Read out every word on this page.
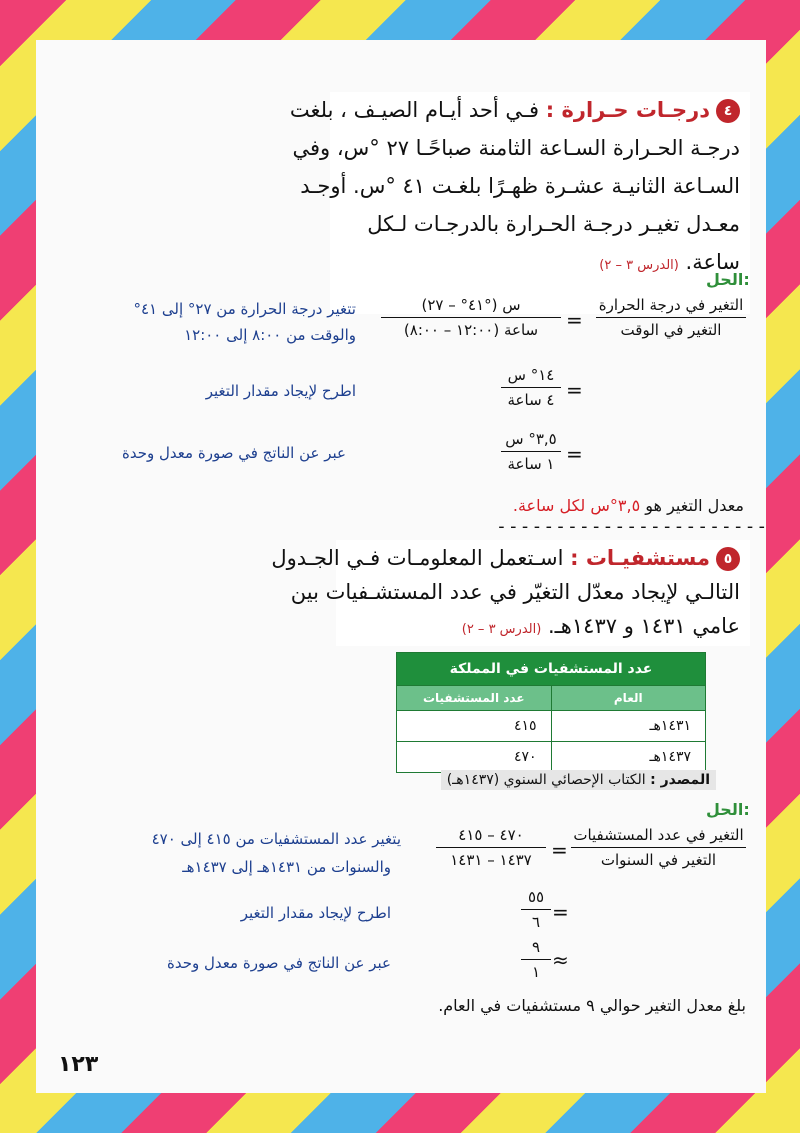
٤درجـات حـرارة : فـي أحد أيـام الصيـف ، بلغت
درجـة الحـرارة السـاعة الثامنة صباحًـا ٢٧ °س، وفي
السـاعة الثانيـة عشـرة ظهـرًا بلغـت ٤١ °س. أوجـد
معـدل تغيـر درجـة الحـرارة بالدرجـات لـكل
ساعة. (الدرس ٣ – ٢)
الحل:
التغير في درجة الحرارة
التغير في الوقت
=
(٤١° – ٢٧°) س
(١٢:٠٠ – ٨:٠٠) ساعة
تتغير درجة الحرارة من ٢٧° إلى ٤١°
والوقت من ٨:٠٠ إلى ١٢:٠٠
=
١٤° س
٤ ساعة
اطرح لإيجاد مقدار التغير
=
٣,٥° س
١ ساعة
عبر عن الناتج في صورة معدل وحدة
معدل التغير هو ٣,٥°س لكل ساعة.
-----------------------
٥مستشفيـات : اسـتعمل المعلومـات فـي الجـدول
التالـي لإيجاد معدّل التغيّر في عدد المستشـفيات بين
عامي ١٤٣١ و ١٤٣٧هـ. (الدرس ٣ – ٢)
عدد المستشفيات في المملكة	
العام	عدد المستشفيات
١٤٣١هـ	٤١٥
١٤٣٧هـ	٤٧٠
المصدر : الكتاب الإحصائي السنوي (١٤٣٧هـ)
الحل:
التغير في عدد المستشفيات
التغير في السنوات
=
٤٧٠ – ٤١٥
١٤٣٧ – ١٤٣١
يتغير عدد المستشفيات من ٤١٥ إلى ٤٧٠
والسنوات من ١٤٣١هـ إلى ١٤٣٧هـ
٥٥
٦ =
اطرح لإيجاد مقدار التغير
٩
١ ≈
عبر عن الناتج في صورة معدل وحدة
بلغ معدل التغير حوالي ٩ مستشفيات في العام.
١٢٣
